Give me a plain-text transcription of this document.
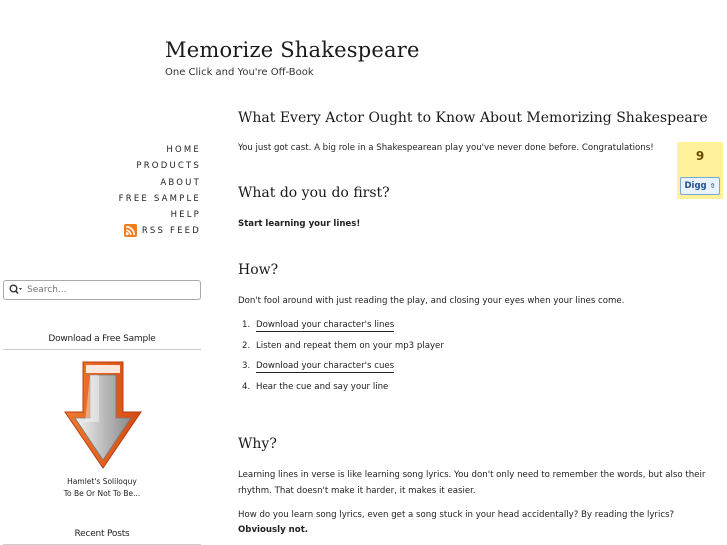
Memorize Shakespeare
One Click and You're Off-Book
HOME
PRODUCTS
ABOUT
FREE SAMPLE
HELP
RSS FEED
Search...
Download a Free Sample
Hamlet's Soliloquy
To Be Or Not To Be...
Recent Posts
What Every Actor Ought to Know About Memorizing Shakespeare
You just got cast. A big role in a Shakespearean play you've never done before. Congratulations!
What do you do first?
Start learning your lines!
How?
Don't fool around with just reading the play, and closing your eyes when your lines come.
1. Download your character's lines
2. Listen and repeat them on your mp3 player
3. Download your character's cues
4. Hear the cue and say your line
Why?
Learning lines in verse is like learning song lyrics. You don't only need to remember the words, but also their
rhythm. That doesn't make it harder, it makes it easier.
How do you learn song lyrics, even get a song stuck in your head accidentally? By reading the lyrics?
Obviously not.
9
Digg ⇧
